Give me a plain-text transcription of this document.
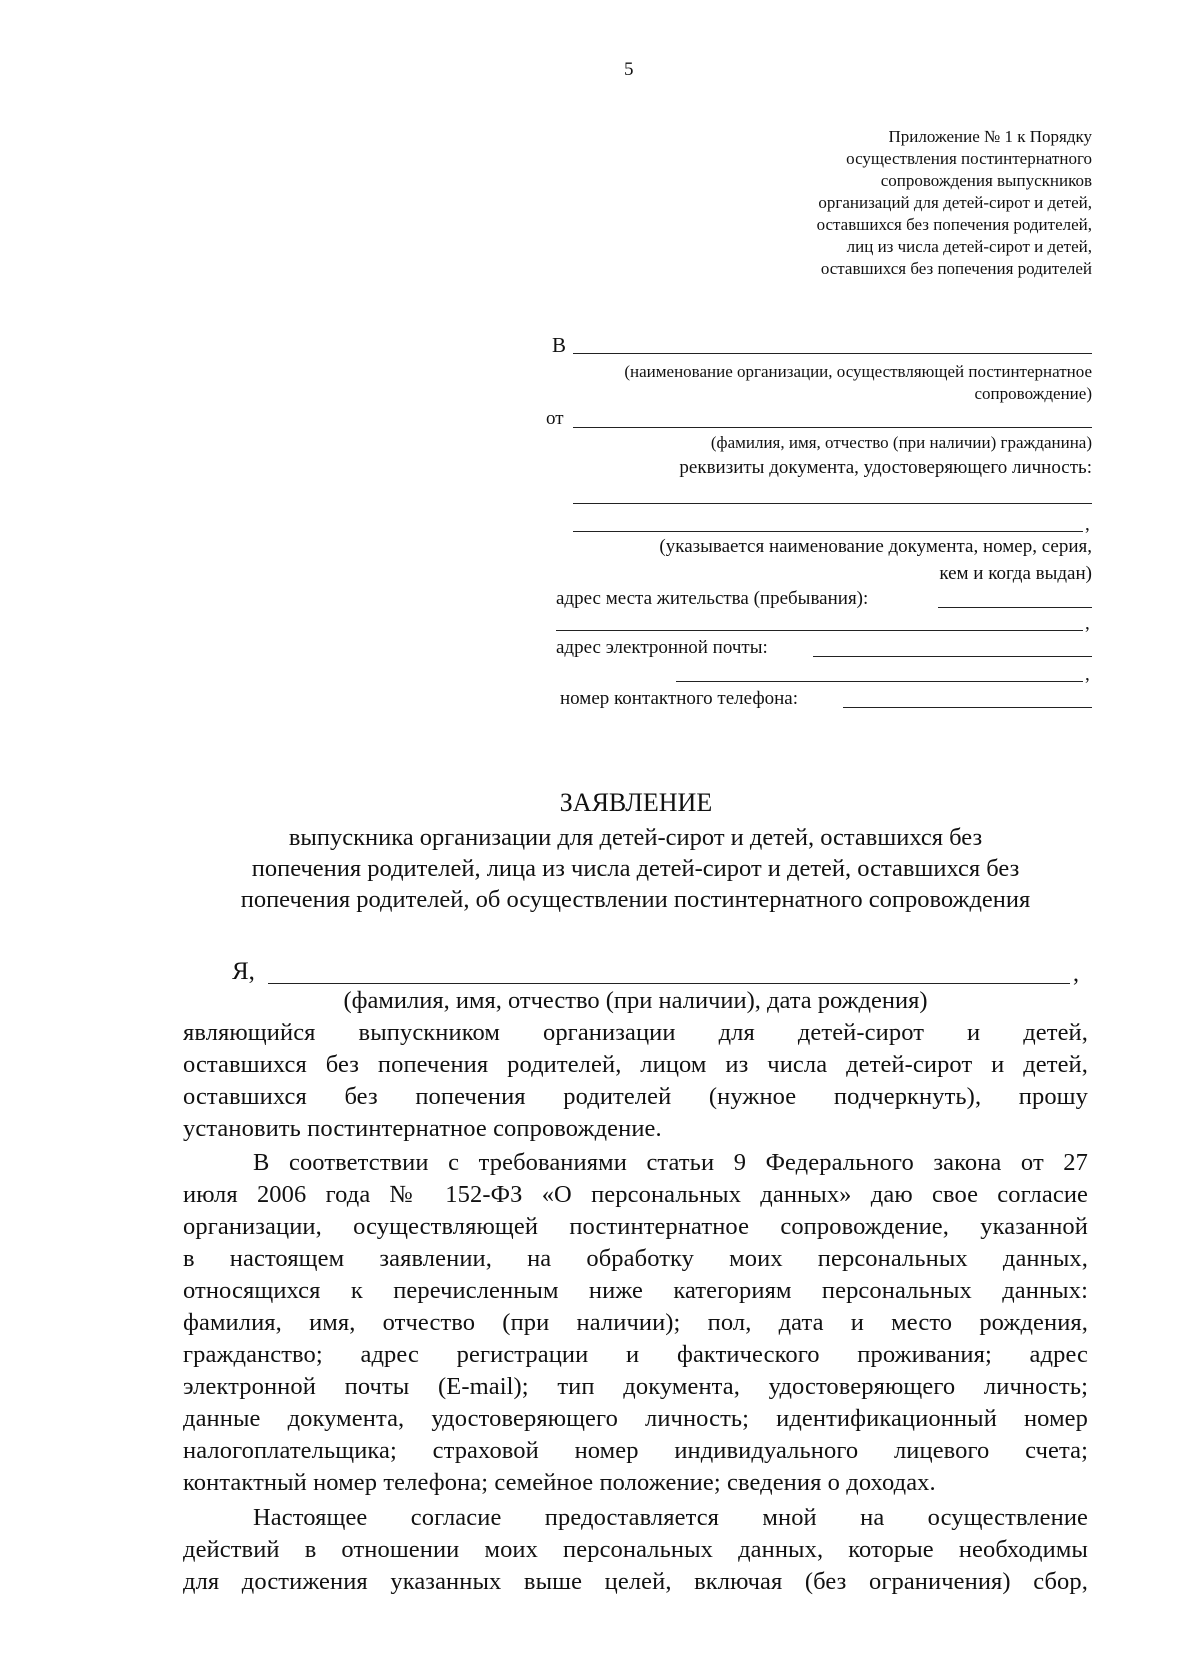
5
Приложение № 1 к Порядку
осуществления постинтернатного
сопровождения выпускников
организаций для детей-сирот и детей,
оставшихся без попечения родителей,
лиц из числа детей-сирот и детей,
оставшихся без попечения родителей
В
(наименование организации, осуществляющей постинтернатное
сопровождение)
от
(фамилия, имя, отчество (при наличии) гражданина)
реквизиты документа, удостоверяющего личность:
,
(указывается наименование документа, номер, серия,
кем и когда выдан)
адрес места жительства (пребывания):
,
адрес электронной почты:
,
номер контактного телефона:
ЗАЯВЛЕНИЕ
выпускника организации для детей-сирот и детей, оставшихся без
попечения родителей, лица из числа детей-сирот и детей, оставшихся без
попечения родителей, об осуществлении постинтернатного сопровождения
Я,	,
(фамилия, имя, отчество (при наличии), дата рождения)
являющийся выпускником организации для детей-сирот и детей,
оставшихся без попечения родителей, лицом из числа детей-сирот и детей,
оставшихся без попечения родителей (нужное подчеркнуть), прошу
установить постинтернатное сопровождение.
В соответствии с требованиями статьи 9 Федерального закона от 27
июля 2006 года № 152-ФЗ «О персональных данных» даю свое согласие
организации, осуществляющей постинтернатное сопровождение, указанной
в настоящем заявлении, на обработку моих персональных данных,
относящихся к перечисленным ниже категориям персональных данных:
фамилия, имя, отчество (при наличии); пол, дата и место рождения,
гражданство; адрес регистрации и фактического проживания; адрес
электронной почты (E-mail); тип документа, удостоверяющего личность;
данные документа, удостоверяющего личность; идентификационный номер
налогоплательщика; страховой номер индивидуального лицевого счета;
контактный номер телефона; семейное положение; сведения о доходах.
Настоящее согласие предоставляется мной на осуществление
действий в отношении моих персональных данных, которые необходимы
для достижения указанных выше целей, включая (без ограничения) сбор,
